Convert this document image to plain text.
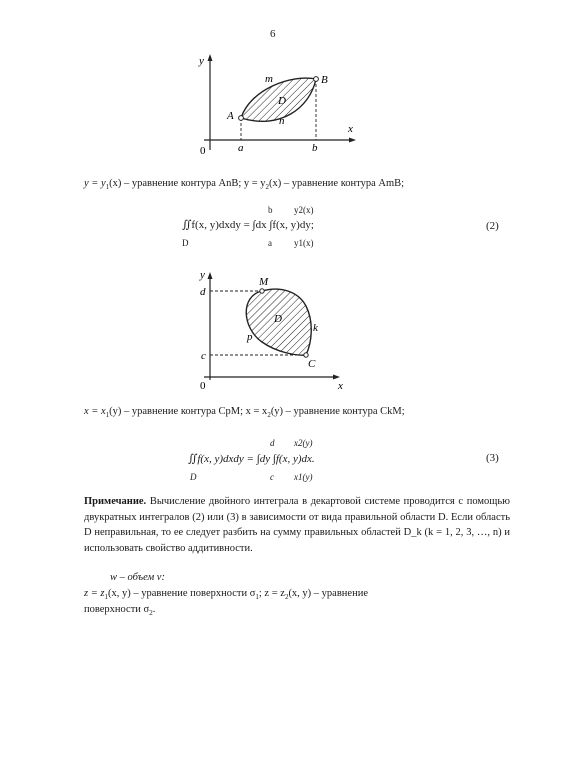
6
y
x
0	a	b
A
B
m
n
D
$y = y_1(x)$ – уравнение контура AnB; $y = y_2(x)$ – уравнение контура AmB;
b y2(x)
∬f(x, y)dxdy = ∫dx ∫f(x, y)dy;
D	a y1(x)
(2)
y
x
0
d
c
M
C
p
k
D
$x = x_1(y)$ – уравнение контура CpM; $x = x_2(y)$ – уравнение контура CkM;
d x2(y)
∬f(x, y)dxdy = ∫dy ∫f(x, y)dx.
D	c x1(y)
(3)
Примечание. Вычисление двойного интеграла в декартовой системе проводится с помощью двукратных интегралов (2) или (3) в зависимости от вида правильной области D. Если область D неправильная, то ее следует разбить на сумму правильных областей D_k (k = 1, 2, 3, …, n) и использовать свойство аддитивности.
w – объем v:
$z = z_1(x$, y) – уравнение поверхности $\sigma_1$; $z = z_2(x$, y) – уравнение
поверхности $\sigma_2$.
